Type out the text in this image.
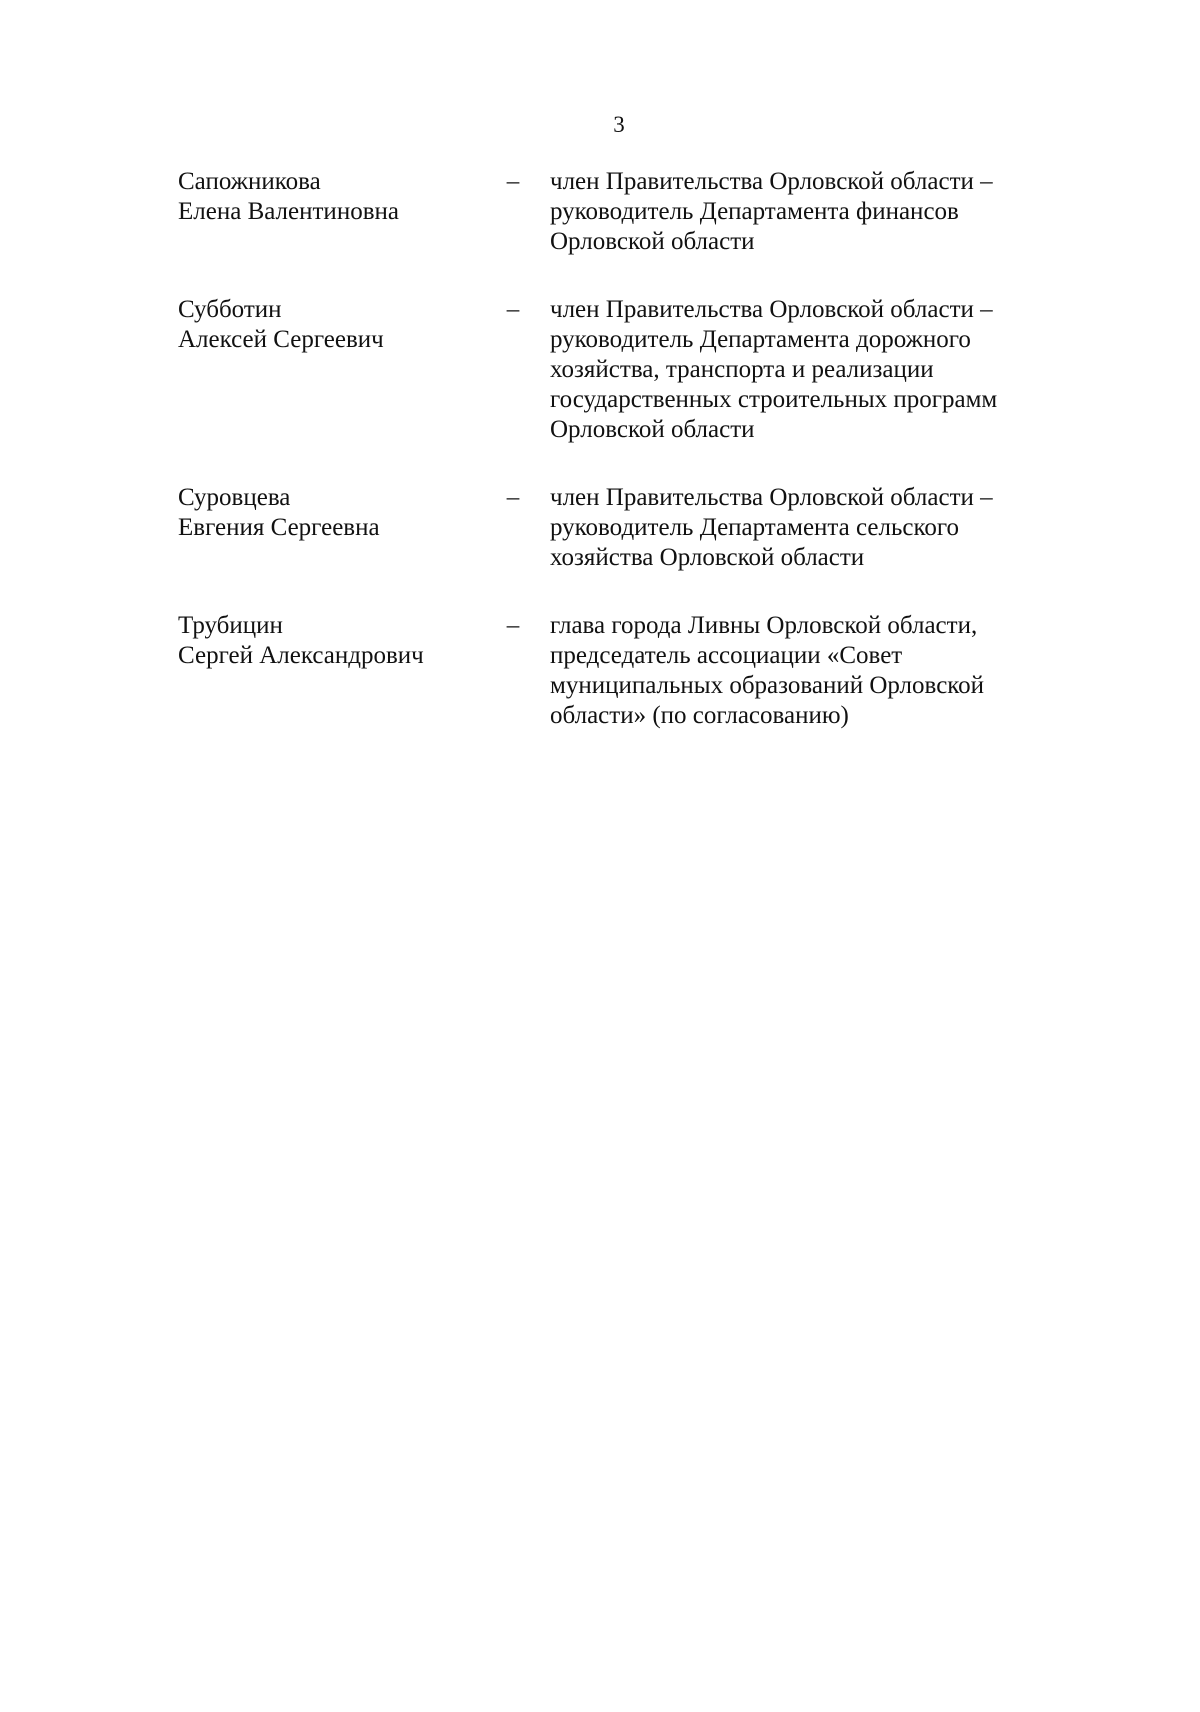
3
Сапожникова
Елена Валентиновна
–	член Правительства Орловской области –
руководитель Департамента финансов
Орловской области
Субботин
Алексей Сергеевич
–	член Правительства Орловской области –
руководитель Департамента дорожного
хозяйства, транспорта и реализации
государственных строительных программ
Орловской области
Суровцева
Евгения Сергеевна
–	член Правительства Орловской области –
руководитель Департамента сельского
хозяйства Орловской области
Трубицин
Сергей Александрович
–	глава города Ливны Орловской области,
председатель ассоциации «Совет
муниципальных образований Орловской
области» (по согласованию)
